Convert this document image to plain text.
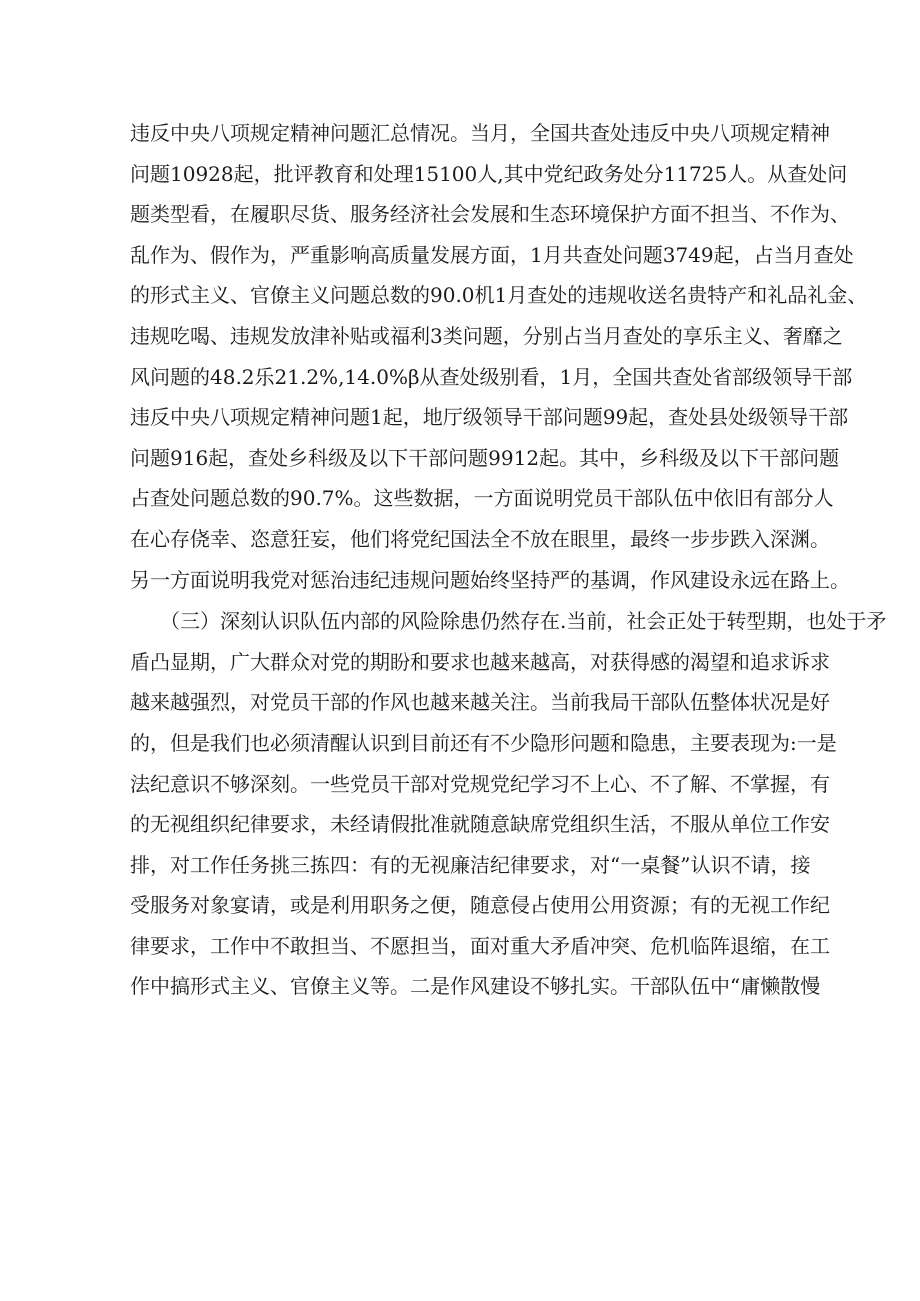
违反中央八项规定精神问题汇总情况。当月，全国共查处违反中央八项规定精神
问题10928起，批评教育和处理15100人,其中党纪政务处分11725人。从查处问
题类型看，在履职尽货、服务经济社会发展和生态环境保护方面不担当、不作为、
乱作为、假作为，严重影响高质量发展方面，1月共查处问题3749起，占当月查处
的形式主义、官僚主义问题总数的90.0机1月查处的违规收送名贵特产和礼品礼金、
违规吃喝、违规发放津补贴或福利3类问题，分别占当月查处的享乐主义、奢靡之
风问题的48.2乐21.2%,14.0%β从查处级别看，1月，全国共查处省部级领导干部
违反中央八项规定精神问题1起，地厅级领导干部问题99起，查处县处级领导干部
问题916起，查处乡科级及以下干部问题9912起。其中，乡科级及以下干部问题
占查处问题总数的90.7%。这些数据，一方面说明党员干部队伍中依旧有部分人
在心存侥幸、恣意狂妄，他们将党纪国法全不放在眼里，最终一步步跌入深渊。
另一方面说明我党对惩治违纪违规问题始终坚持严的基调，作风建设永远在路上。
　　（三）深刻认识队伍内部的风险除患仍然存在.当前，社会正处于转型期，也处于矛
盾凸显期，广大群众对党的期盼和要求也越来越高，对获得感的渴望和追求诉求
越来越强烈，对党员干部的作风也越来越关注。当前我局干部队伍整体状况是好
的，但是我们也必须清醒认识到目前还有不少隐形问题和隐患，主要表现为:一是
法纪意识不够深刻。一些党员干部对党规党纪学习不上心、不了解、不掌握，有
的无视组织纪律要求，未经请假批准就随意缺席党组织生活，不服从单位工作安
排，对工作任务挑三拣四：有的无视廉洁纪律要求，对“一桌餐”认识不请，接
受服务对象宴请，或是利用职务之便，随意侵占使用公用资源；有的无视工作纪
律要求，工作中不敢担当、不愿担当，面对重大矛盾冲突、危机临阵退缩，在工
作中搞形式主义、官僚主义等。二是作风建设不够扎实。干部队伍中“庸懒散慢
